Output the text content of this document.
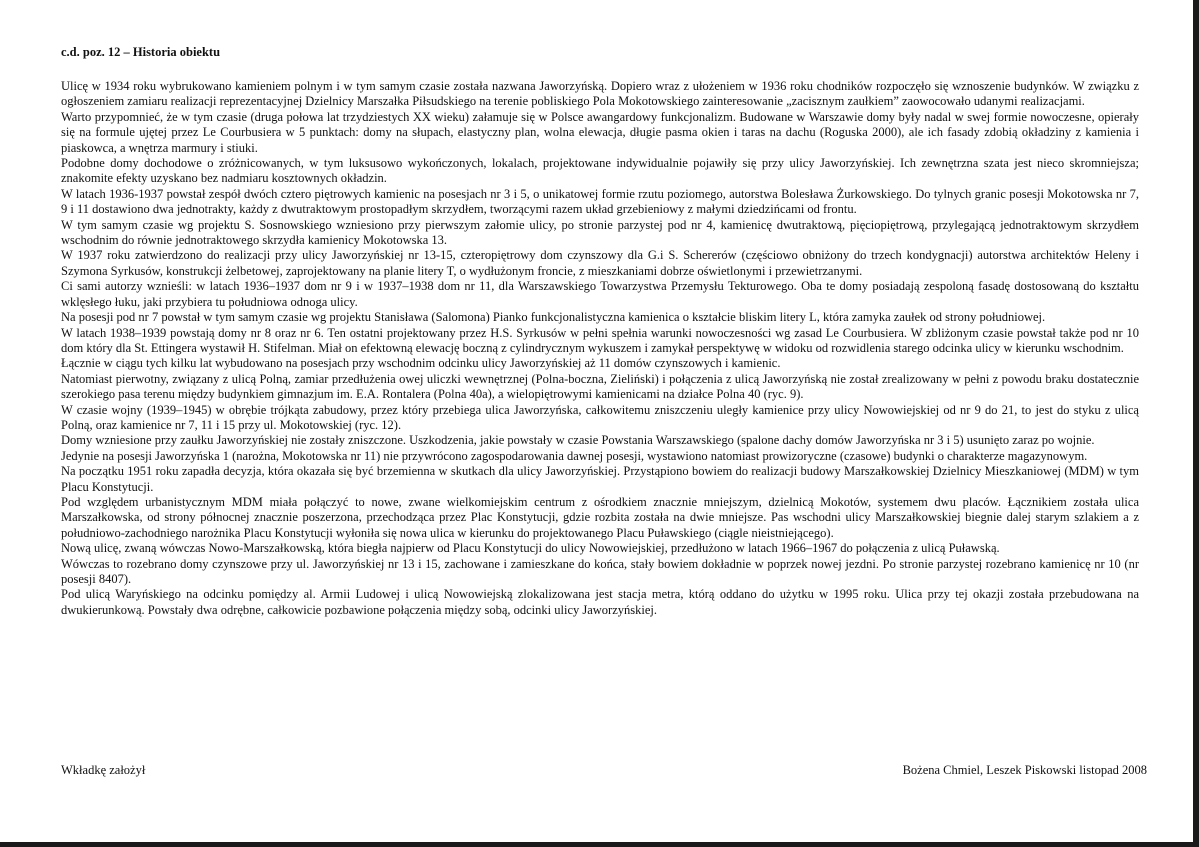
c.d. poz. 12 – Historia obiektu

Ulicę w 1934 roku wybrukowano kamieniem polnym i w tym samym czasie została nazwana Jaworzyńską. Dopiero wraz z ułożeniem w 1936 roku chodników rozpoczęło się wznoszenie budynków. W związku z ogłoszeniem zamiaru realizacji reprezentacyjnej Dzielnicy Marszałka Piłsudskiego na terenie pobliskiego Pola Mokotowskiego zainteresowanie „zacisznym zaułkiem” zaowocowało udanymi realizacjami.

Warto przypomnieć, że w tym czasie (druga połowa lat trzydziestych XX wieku) załamuje się w Polsce awangardowy funkcjonalizm. Budowane w Warszawie domy były nadal w swej formie nowoczesne, opierały się na formule ujętej przez Le Courbusiera w 5 punktach: domy na słupach, elastyczny plan, wolna elewacja, długie pasma okien i taras na dachu (Roguska 2000), ale ich fasady zdobią okładziny z kamienia i piaskowca, a wnętrza marmury i stiuki.

Podobne domy dochodowe o zróżnicowanych, w tym luksusowo wykończonych, lokalach, projektowane indywidualnie pojawiły się przy ulicy Jaworzyńskiej. Ich zewnętrzna szata jest nieco skromniejsza; znakomite efekty uzyskano bez nadmiaru kosztownych okładzin.

W latach 1936-1937 powstał zespół dwóch cztero piętrowych kamienic na posesjach nr 3 i 5, o unikatowej formie rzutu poziomego, autorstwa Bolesława Żurkowskiego. Do tylnych granic posesji Mokotowska nr 7, 9 i 11 dostawiono dwa jednotrakty, każdy z dwutraktowym prostopadłym skrzydłem, tworzącymi razem układ grzebieniowy z małymi dziedzińcami od frontu.

W tym samym czasie wg projektu S. Sosnowskiego wzniesiono przy pierwszym załomie ulicy, po stronie parzystej pod nr 4, kamienicę dwutraktową, pięciopiętrową, przylegającą jednotraktowym skrzydłem wschodnim do równie jednotraktowego skrzydła kamienicy Mokotowska 13.

W 1937 roku zatwierdzono do realizacji przy ulicy Jaworzyńskiej nr 13-15, czteropiętrowy dom czynszowy dla G.i S. Schererów (częściowo obniżony do trzech kondygnacji) autorstwa architektów Heleny i Szymona Syrkusów, konstrukcji żelbetowej, zaprojektowany na planie litery T, o wydłużonym froncie, z mieszkaniami dobrze oświetlonymi i przewietrzanymi.

Ci sami autorzy wznieśli: w latach 1936–1937 dom nr 9 i w 1937–1938 dom nr 11, dla Warszawskiego Towarzystwa Przemysłu Tekturowego. Oba te domy posiadają zespoloną fasadę dostosowaną do kształtu wklęsłego łuku, jaki przybiera tu południowa odnoga ulicy.

Na posesji pod nr 7 powstał w tym samym czasie wg projektu Stanisława (Salomona) Pianko funkcjonalistyczna kamienica o kształcie bliskim litery L, która zamyka zaułek od strony południowej.

W latach 1938–1939 powstają domy nr 8 oraz nr 6. Ten ostatni projektowany przez H.S. Syrkusów w pełni spełnia warunki nowoczesności wg zasad Le Courbusiera. W zbliżonym czasie powstał także pod nr 10 dom który dla St. Ettingera wystawił H. Stifelman. Miał on efektowną elewację boczną z cylindrycznym wykuszem i zamykał perspektywę w widoku od rozwidlenia starego odcinka ulicy w kierunku wschodnim.

Łącznie w ciągu tych kilku lat wybudowano na posesjach przy wschodnim odcinku ulicy Jaworzyńskiej aż 11 domów czynszowych i kamienic.

Natomiast pierwotny, związany z ulicą Polną, zamiar przedłużenia owej uliczki wewnętrznej (Polna-boczna, Zieliński) i połączenia z ulicą Jaworzyńską nie został zrealizowany w pełni z powodu braku dostatecznie szerokiego pasa terenu między budynkiem gimnazjum im. E.A. Rontalera (Polna 40a), a wielopiętrowymi kamienicami na działce Polna 40 (ryc. 9).

W czasie wojny (1939–1945) w obrębie trójkąta zabudowy, przez który przebiega ulica Jaworzyńska, całkowitemu zniszczeniu uległy kamienice przy ulicy Nowowiejskiej od nr 9 do 21, to jest do styku z ulicą Polną, oraz kamienice nr 7, 11 i 15 przy ul. Mokotowskiej (ryc. 12).

Domy wzniesione przy zaułku Jaworzyńskiej nie zostały zniszczone. Uszkodzenia, jakie powstały w czasie Powstania Warszawskiego (spalone dachy domów Jaworzyńska nr 3 i 5) usunięto zaraz po wojnie.

Jedynie na posesji Jaworzyńska 1 (narożna, Mokotowska nr 11) nie przywrócono zagospodarowania dawnej posesji, wystawiono natomiast prowizoryczne (czasowe) budynki o charakterze magazynowym.

Na początku 1951 roku zapadła decyzja, która okazała się być brzemienna w skutkach dla ulicy Jaworzyńskiej. Przystąpiono bowiem do realizacji budowy Marszałkowskiej Dzielnicy Mieszkaniowej (MDM) w tym Placu Konstytucji.

Pod względem urbanistycznym MDM miała połączyć to nowe, zwane wielkomiejskim centrum z ośrodkiem znacznie mniejszym, dzielnicą Mokotów, systemem dwu placów. Łącznikiem została ulica Marszałkowska, od strony północnej znacznie poszerzona, przechodząca przez Plac Konstytucji, gdzie rozbita została na dwie mniejsze. Pas wschodni ulicy Marszałkowskiej biegnie dalej starym szlakiem a z południowo-zachodniego narożnika Placu Konstytucji wyłoniła się nowa ulica w kierunku do projektowanego Placu Puławskiego (ciągle nieistniejącego).

Nową ulicę, zwaną wówczas Nowo-Marszałkowską, która biegła najpierw od Placu Konstytucji do ulicy Nowowiejskiej, przedłużono w latach 1966–1967 do połączenia z ulicą Puławską.

Wówczas to rozebrano domy czynszowe przy ul. Jaworzyńskiej nr 13 i 15, zachowane i zamieszkane do końca, stały bowiem dokładnie w poprzek nowej jezdni. Po stronie parzystej rozebrano kamienicę nr 10 (nr posesji 8407).

Pod ulicą Waryńskiego na odcinku pomiędzy al. Armii Ludowej i ulicą Nowowiejską zlokalizowana jest stacja metra, którą oddano do użytku w 1995 roku. Ulica przy tej okazji została przebudowana na dwukierunkową. Powstały dwa odrębne, całkowicie pozbawione połączenia między sobą, odcinki ulicy Jaworzyńskiej.

Wkładkę założył	Bożena Chmiel, Leszek Piskowski listopad 2008
